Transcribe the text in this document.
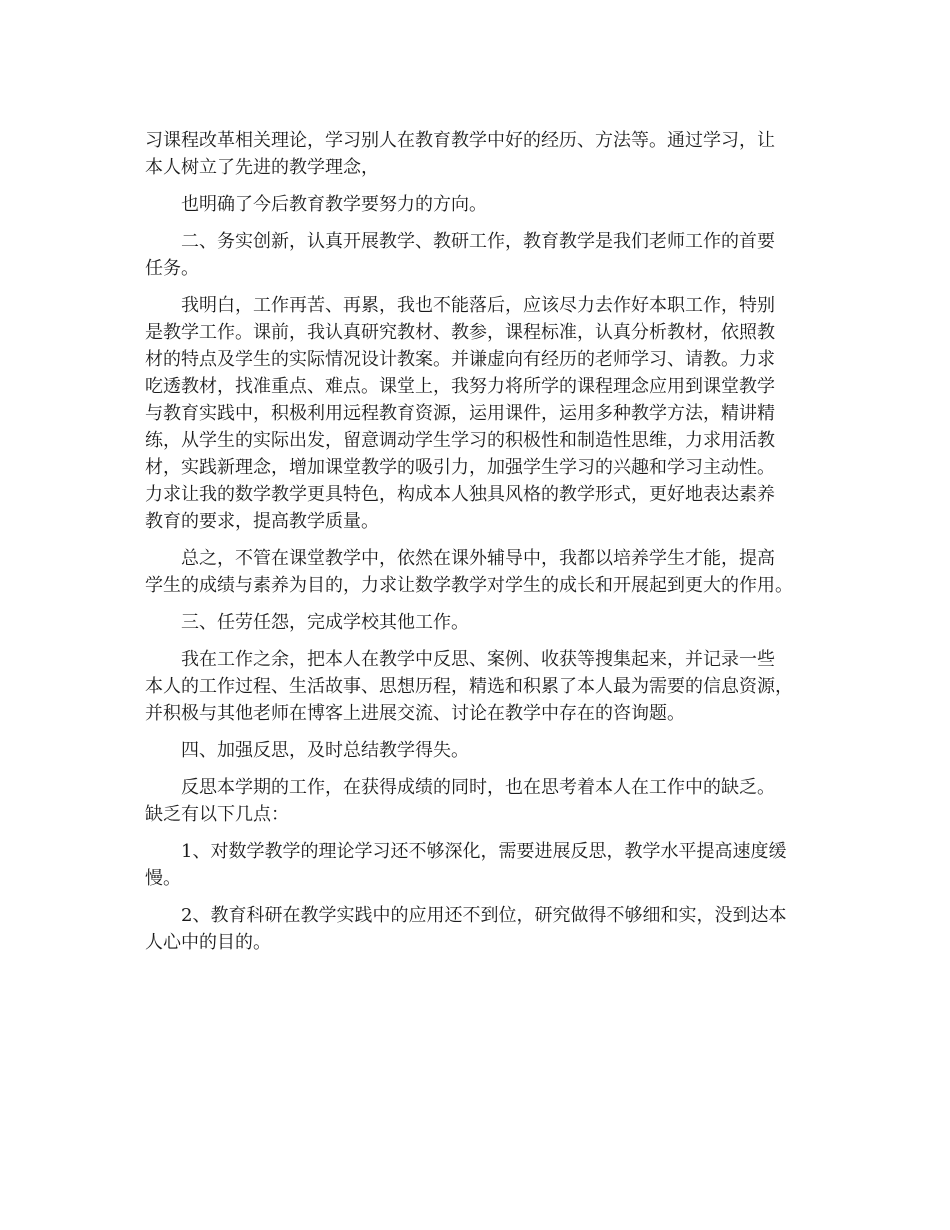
习课程改革相关理论，学习别人在教育教学中好的经历、方法等。通过学习，让
本人树立了先进的教学理念，
也明确了今后教育教学要努力的方向。
二、务实创新，认真开展教学、教研工作，教育教学是我们老师工作的首要
任务。
我明白，工作再苦、再累，我也不能落后，应该尽力去作好本职工作，特别
是教学工作。课前，我认真研究教材、教参，课程标准，认真分析教材，依照教
材的特点及学生的实际情况设计教案。并谦虚向有经历的老师学习、请教。力求
吃透教材，找准重点、难点。课堂上，我努力将所学的课程理念应用到课堂教学
与教育实践中，积极利用远程教育资源，运用课件，运用多种教学方法，精讲精
练，从学生的实际出发，留意调动学生学习的积极性和制造性思维，力求用活教
材，实践新理念，增加课堂教学的吸引力，加强学生学习的兴趣和学习主动性。
力求让我的数学教学更具特色，构成本人独具风格的教学形式，更好地表达素养
教育的要求，提高教学质量。
总之，不管在课堂教学中，依然在课外辅导中，我都以培养学生才能，提高
学生的成绩与素养为目的，力求让数学教学对学生的成长和开展起到更大的作用。
三、任劳任怨，完成学校其他工作。
我在工作之余，把本人在教学中反思、案例、收获等搜集起来，并记录一些
本人的工作过程、生活故事、思想历程，精选和积累了本人最为需要的信息资源，
并积极与其他老师在博客上进展交流、讨论在教学中存在的咨询题。
四、加强反思，及时总结教学得失。
反思本学期的工作，在获得成绩的同时，也在思考着本人在工作中的缺乏。
缺乏有以下几点：
1、对数学教学的理论学习还不够深化，需要进展反思，教学水平提高速度缓
慢。
2、教育科研在教学实践中的应用还不到位，研究做得不够细和实，没到达本
人心中的目的。
